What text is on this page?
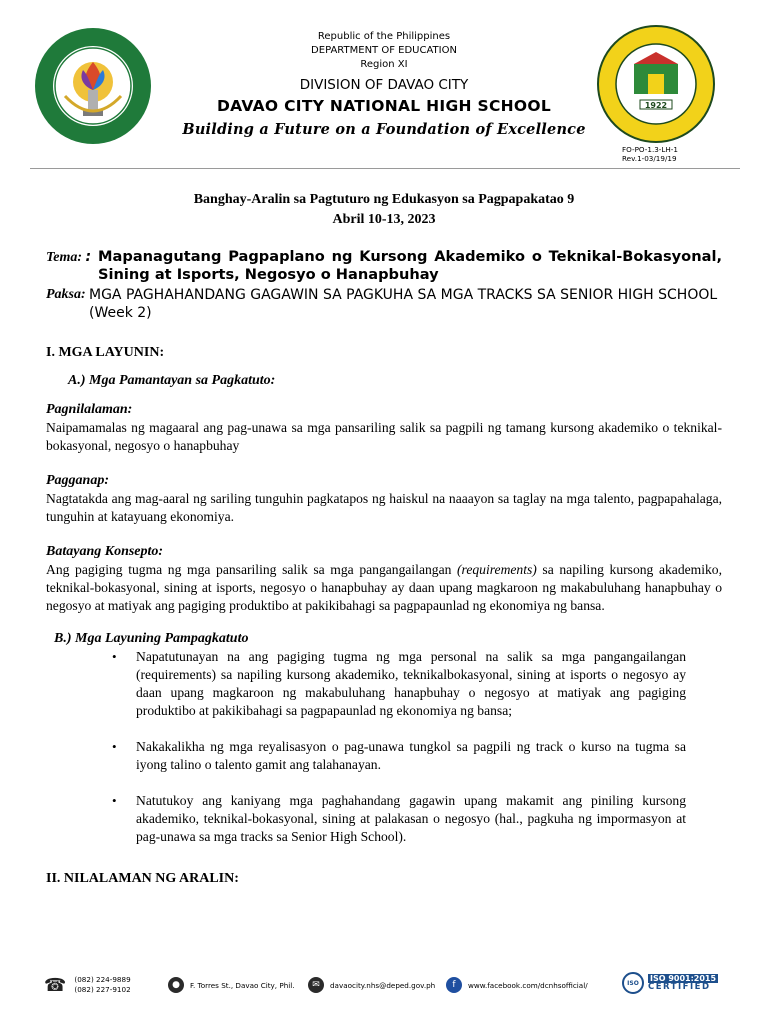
Republic of the Philippines
DEPARTMENT OF EDUCATION
Region XI
DIVISION OF DAVAO CITY
DAVAO CITY NATIONAL HIGH SCHOOL
Building a Future on a Foundation of Excellence
1922
FO-PO-1.3-LH-1
Rev.1-03/19/19
Banghay-Aralin sa Pagtuturo ng Edukasyon sa Pagpapakatao 9
Abril 10-13, 2023
Tema: : Mapanagutang Pagpaplano ng Kursong Akademiko o Teknikal-Bokasyonal, Sining at Isports, Negosyo o Hanapbuhay
Paksa: MGA PAGHAHANDANG GAGAWIN SA PAGKUHA SA MGA TRACKS SA SENIOR HIGH SCHOOL (Week 2)
I. MGA LAYUNIN:
A.) Mga Pamantayan sa Pagkatuto:
Pagnilalaman:
Naipamamalas ng magaaral ang pag-unawa sa mga pansariling salik sa pagpili ng tamang kursong akademiko o teknikal-bokasyonal, negosyo o hanapbuhay
Pagganap:
Nagtatakda ang mag-aaral ng sariling tunguhin pagkatapos ng haiskul na naaayon sa taglay na mga talento, pagpapahalaga, tunguhin at katayuang ekonomiya.
Batayang Konsepto:
Ang pagiging tugma ng mga pansariling salik sa mga pangangailangan (requirements) sa napiling kursong akademiko, teknikal-bokasyonal, sining at isports, negosyo o hanapbuhay ay daan upang magkaroon ng makabuluhang hanapbuhay o negosyo at matiyak ang pagiging produktibo at pakikibahagi sa pagpapaunlad ng ekonomiya ng bansa.
B.) Mga Layuning Pampagkatuto
• Napatutunayan na ang pagiging tugma ng mga personal na salik sa mga pangangailangan (requirements) sa napiling kursong akademiko, teknikalbokasyonal, sining at isports o negosyo ay daan upang magkaroon ng makabuluhang hanapbuhay o negosyo at matiyak ang pagiging produktibo at pakikibahagi sa pagpapaunlad ng ekonomiya ng bansa;
• Nakakalikha ng mga reyalisasyon o pag-unawa tungkol sa pagpili ng track o kurso na tugma sa iyong talino o talento gamit ang talahanayan.
• Natutukoy ang kaniyang mga paghahandang gagawin upang makamit ang piniling kursong akademiko, teknikal-bokasyonal, sining at palakasan o negosyo (hal., pagkuha ng impormasyon at pag-unawa sa mga tracks sa Senior High School).
II. NILALAMAN NG ARALIN:
☎ (082) 224-9889
(082) 227-9102	●	F. Torres St., Davao City, Phil.	✉	davaocity.nhs@deped.gov.ph	f	www.facebook.com/dcnhsofficial/	ISO	ISO 9001:2015
CERTIFIED
